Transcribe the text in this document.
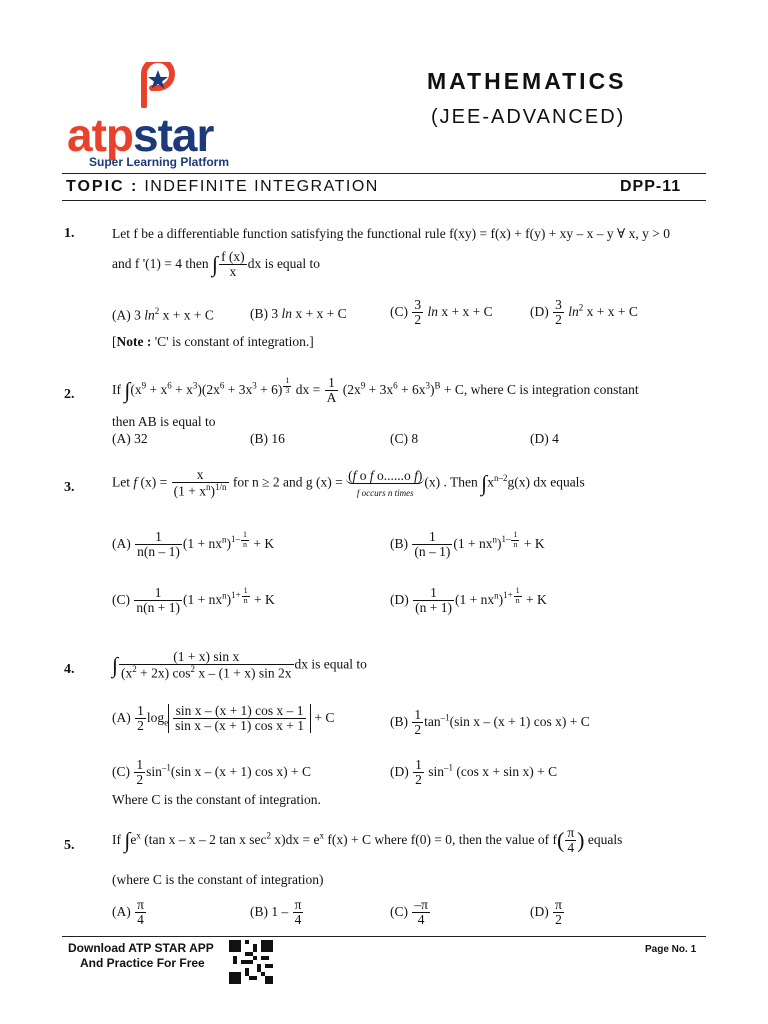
atpstar
Super Learning Platform
MATHEMATICS
(JEE-ADVANCED)
TOPIC : INDEFINITE INTEGRATION	DPP-11
1.	Let f be a differentiable function satisfying the functional rule f(xy) = f(x) + f(y) + xy – x – y ∀ x, y > 0
and f '(1) = 4 then ∫ $\frac{f (x)}{x}$ dx is equal to
(A) 3 $\ln^2 x + x + C$	(B) 3 ln x + x + C	$(C) \frac{3}{2}$ ln x + x + C	$(D) \frac{3}{2} \ln^2 x + x + C$
[Note : 'C' is constant of integration.]
2.	If $\int(x^9 + x^6 + x^3)(2x^6 + 3x^3 + 6)$ $^{\frac{1}{3}}$ dx = $\frac{1}{A} (2x^9 + 3x^6 + 6x^3)^B + C$, where C is integration constant
then AB is equal to
(A) 32	(B) 16	(C) 8	(D) 4
3.	Let f $(x) = \frac{x}{(1 + x^n)^{1/n}}$ for n ≥ 2 and g (x) = (f o f o......o f)
f occurs n times(x) . Then $\int x^{n-2}g(x)$ dx equals
$(A) \frac{1}{n(n - 1)} (1 + nx^n)^{1- \frac{1}{n}} + K$	$(B) \frac{1}{(n - 1)} (1 + nx^n)^{1- \frac{1}{n}} + K$
$(C) \frac{1}{n(n + 1)} (1 + nx^n)^{1+ \frac{1}{n}} + K$	$(D) \frac{1}{(n + 1)} (1 + nx^n)^{1+ \frac{1}{n}} + K$
4. ∫ $\frac{\text{(1 + x) sin x}}{(x^2 + 2x) \cos^2 x - (1 + x) \sin 2x}$ dx is equal to
$(A) \frac{1}{2} \log_e \frac{\text{sin x – (x + 1) cos x – 1}}{\text{sin x – (x + 1) cos x + 1}} + C$	$(B) \frac{1}{2} \tan^{-1}(\sin$ x – (x + 1) cos x) + C
$(C) \frac{1}{2} \sin^{-1}(\sin$ x – (x + 1) cos x) + C	$(D) \frac{1}{2} \sin^{-1} (\cos$ x + sin x) + C
Where C is the constant of integration.
5.	If $\int e^x$ (tan x – x – 2 tan x $\sec^2 x)dx = e^x$ f(x) + C where f(0) = 0, then the value of $f( \frac{\pi}{4}$ ) equals
(where C is the constant of integration)
$(A) \frac{\pi}{4}$	(B) $1 - \frac{\pi}{4}$	$(C) \frac{-\pi}{4}$	$(D) \frac{\pi}{2}$
Download ATP STAR APP
And Practice For Free
Page No. 1
